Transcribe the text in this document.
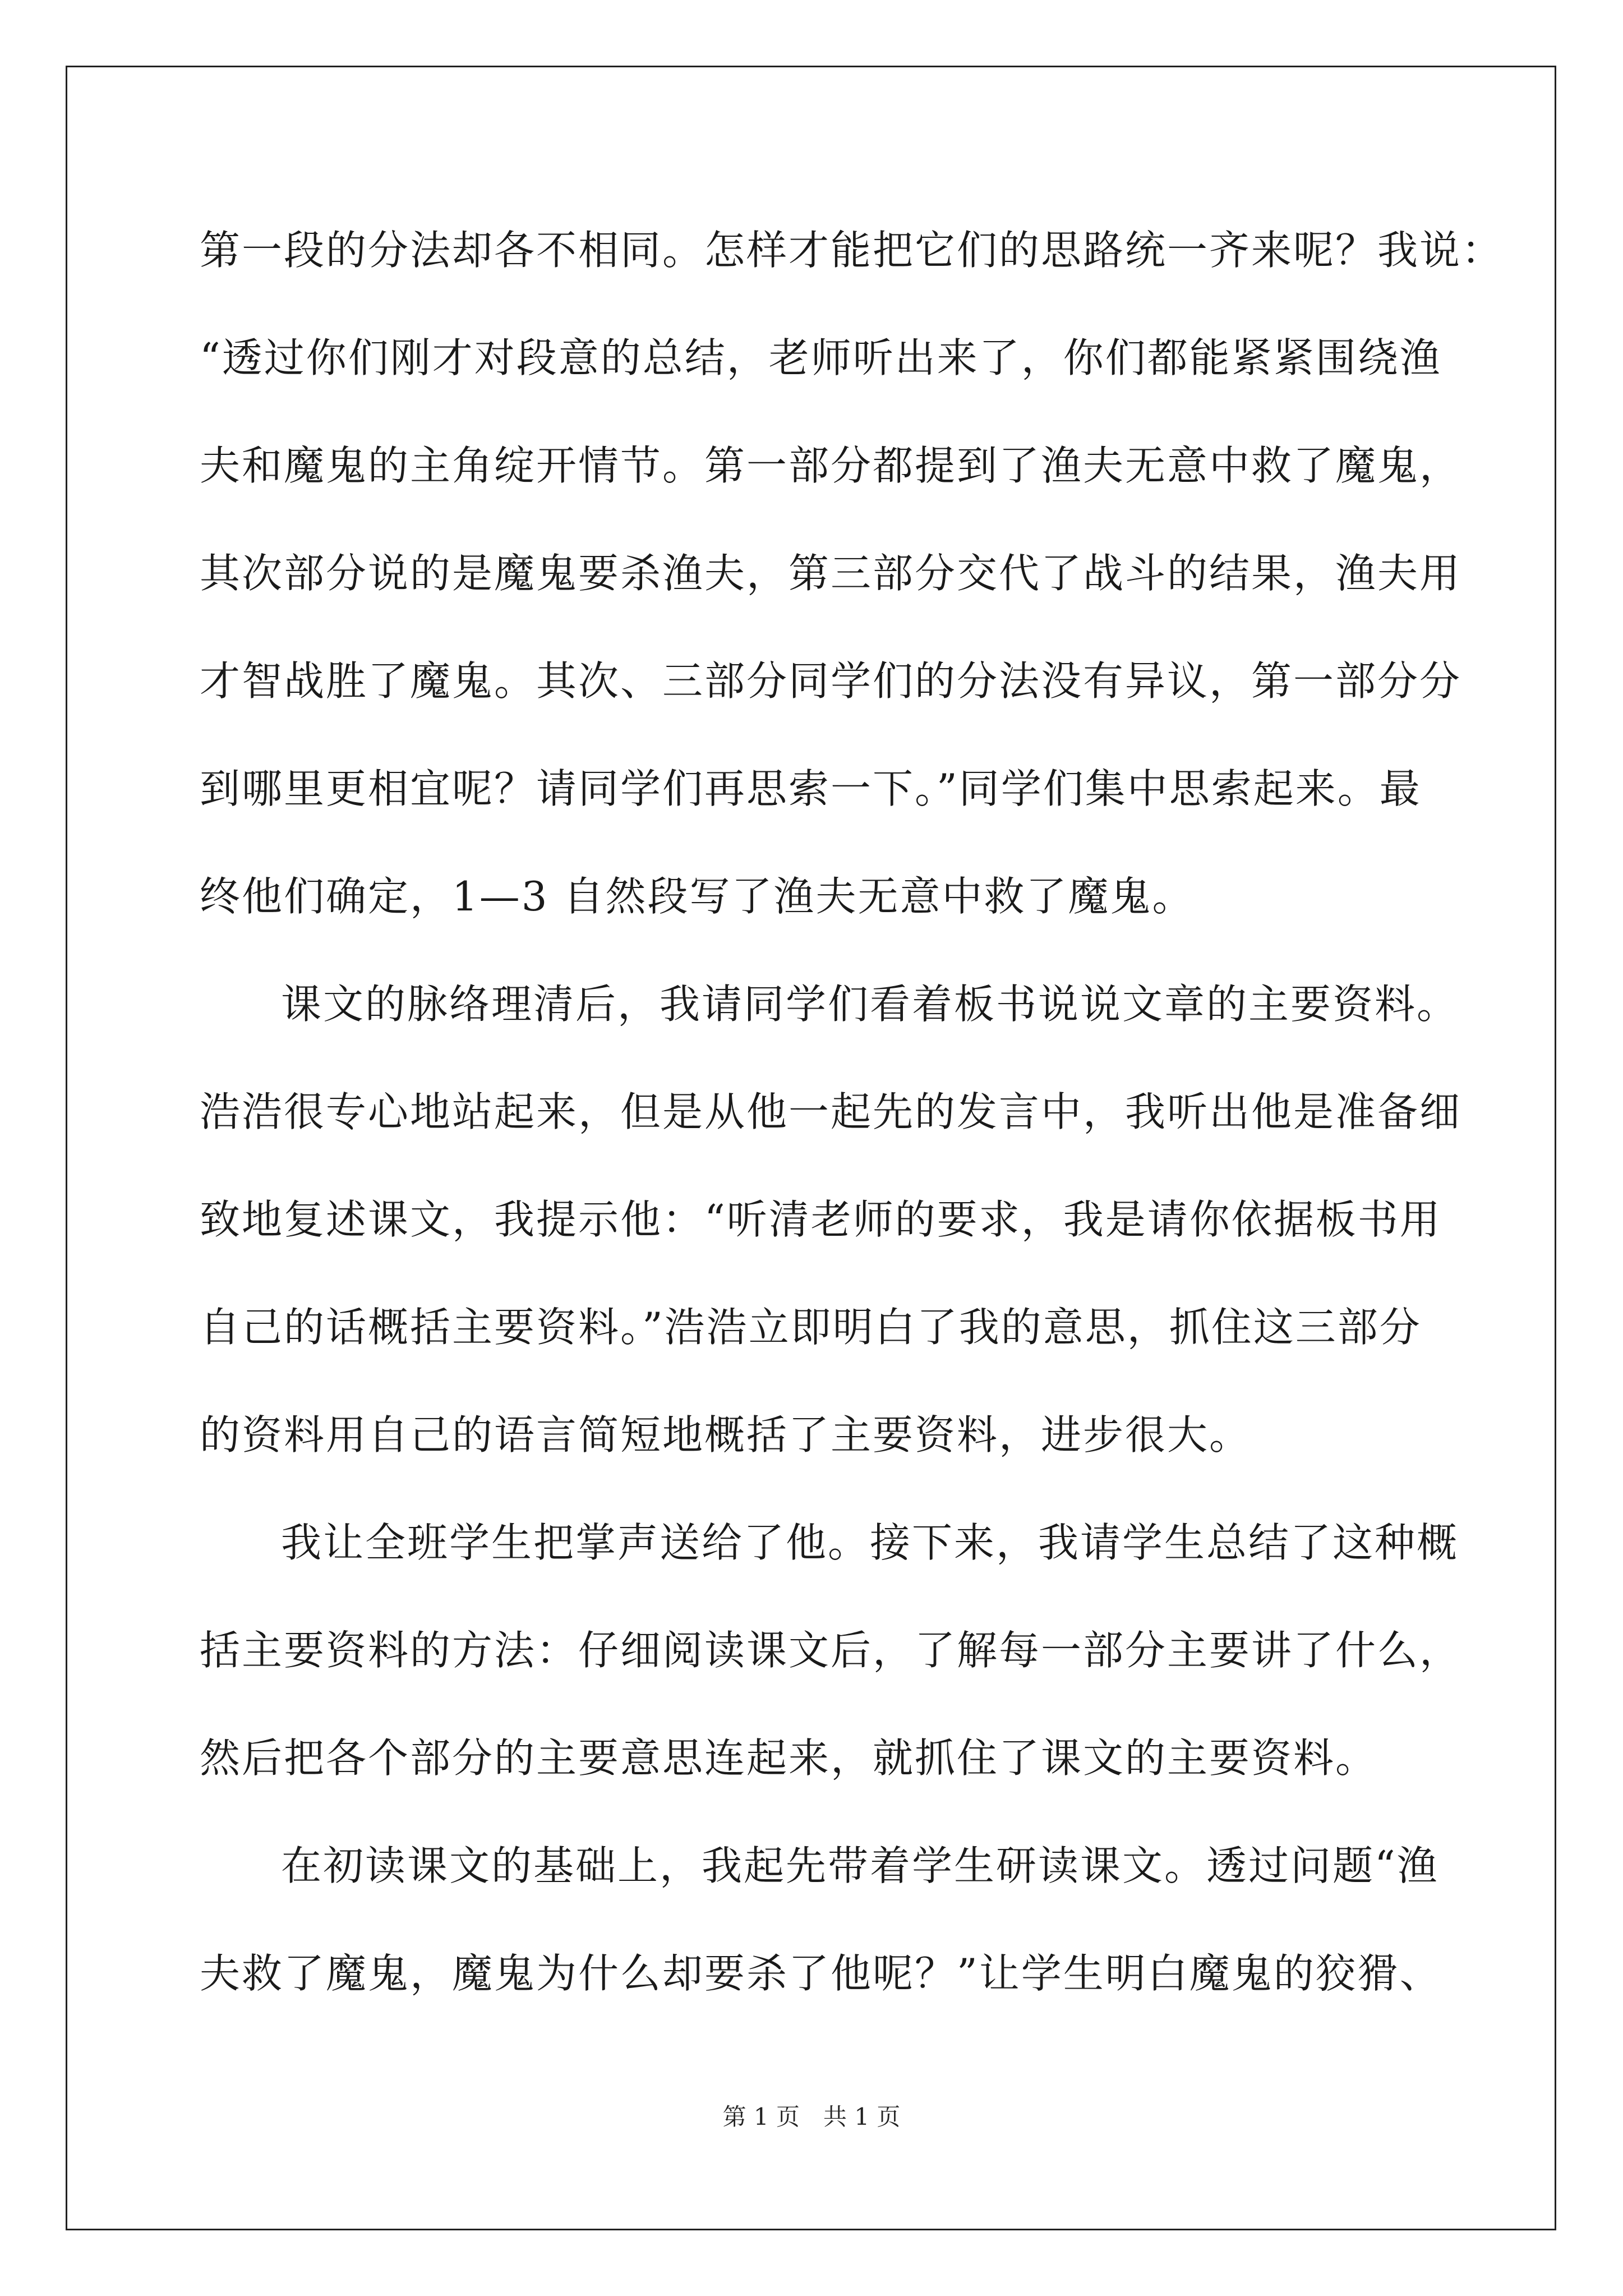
第一段的分法却各不相同。怎样才能把它们的思路统一齐来呢？我说：
“透过你们刚才对段意的总结，老师听出来了，你们都能紧紧围绕渔
夫和魔鬼的主角绽开情节。第一部分都提到了渔夫无意中救了魔鬼，
其次部分说的是魔鬼要杀渔夫，第三部分交代了战斗的结果，渔夫用
才智战胜了魔鬼。其次、三部分同学们的分法没有异议，第一部分分
到哪里更相宜呢？请同学们再思索一下。”同学们集中思索起来。最
终他们确定，1—3 自然段写了渔夫无意中救了魔鬼。
课文的脉络理清后，我请同学们看着板书说说文章的主要资料。
浩浩很专心地站起来，但是从他一起先的发言中，我听出他是准备细
致地复述课文，我提示他：“听清老师的要求，我是请你依据板书用
自己的话概括主要资料。”浩浩立即明白了我的意思，抓住这三部分
的资料用自己的语言简短地概括了主要资料，进步很大。
我让全班学生把掌声送给了他。接下来，我请学生总结了这种概
括主要资料的方法：仔细阅读课文后，了解每一部分主要讲了什么，
然后把各个部分的主要意思连起来，就抓住了课文的主要资料。
在初读课文的基础上，我起先带着学生研读课文。透过问题“渔
夫救了魔鬼，魔鬼为什么却要杀了他呢？”让学生明白魔鬼的狡猾、
第 1 页　共 1 页
